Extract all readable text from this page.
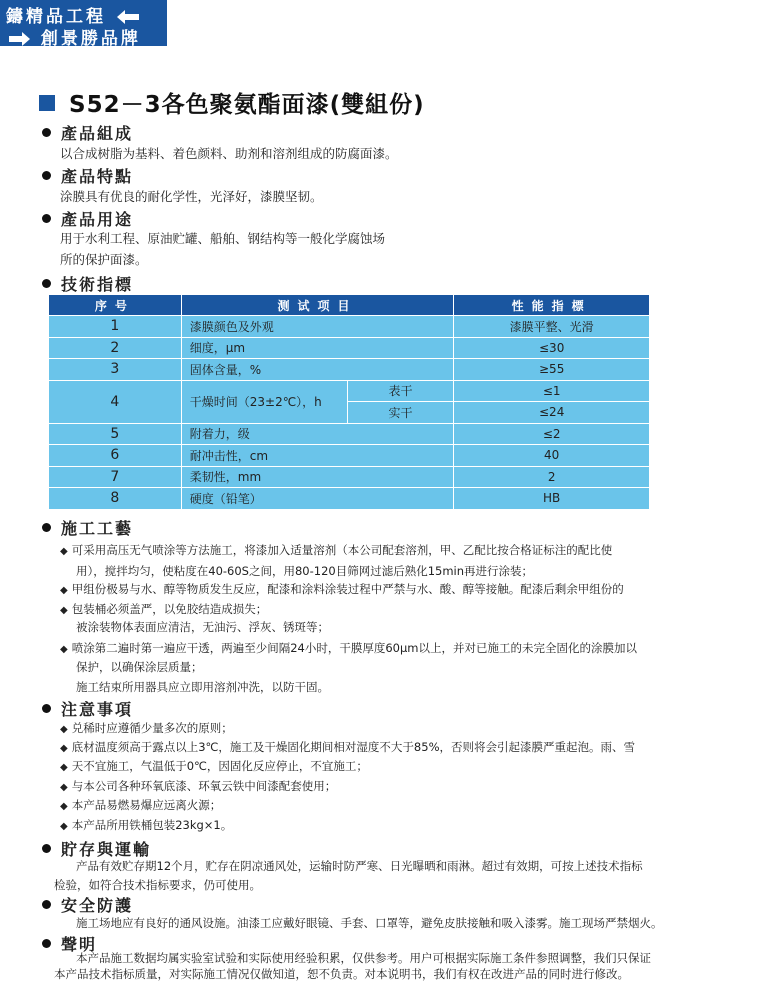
鑄精品工程
創景勝品牌
S52－3各色聚氨酯面漆(雙組份)
產品組成
以合成树脂为基料、着色颜料、助剂和溶剂组成的防腐面漆。
產品特點
涂膜具有优良的耐化学性，光泽好，漆膜坚韧。
產品用途
用于水利工程、原油贮罐、船舶、钢结构等一般化学腐蚀场
所的保护面漆。
技術指標
序号	测试项目		性能指標
1	漆膜颜色及外观		漆膜平整、光滑
2	细度，μm		≤30
3	固体含量，%		≥55
4	干燥时间（23±2℃），h	表干	≤1
		实干	≤24
5	附着力，级		≤2
6	耐冲击性，cm		40
7	柔韧性，mm		2
8	硬度（铅笔）		HB
施工工藝
◆ 可采用高压无气喷涂等方法施工，将漆加入适量溶剂（本公司配套溶剂，甲、乙配比按合格证标注的配比使
用），搅拌均匀，使粘度在40-60S之间，用80-120目筛网过滤后熟化15min再进行涂装；
◆ 甲组份极易与水、醇等物质发生反应，配漆和涂料涂装过程中严禁与水、酸、醇等接触。配漆后剩余甲组份的
◆ 包装桶必须盖严，以免胶结造成损失；
被涂装物体表面应清洁，无油污、浮灰、锈斑等；
◆ 喷涂第二遍时第一遍应干透，两遍至少间隔24小时，干膜厚度60μm以上，并对已施工的未完全固化的涂膜加以
保护，以确保涂层质量；
施工结束所用器具应立即用溶剂冲洗，以防干固。
注意事項
◆ 兑稀时应遵循少量多次的原则；
◆ 底材温度须高于露点以上3℃，施工及干燥固化期间相对湿度不大于85%，否则将会引起漆膜严重起泡。雨、雪
◆ 天不宜施工，气温低于0℃，因固化反应停止，不宜施工；
◆ 与本公司各种环氧底漆、环氧云铁中间漆配套使用；
◆ 本产品易燃易爆应远离火源；
◆ 本产品所用铁桶包装23kg×1。
貯存與運輸
产品有效贮存期12个月，贮存在阴凉通风处，运输时防严寒、日光曝晒和雨淋。超过有效期，可按上述技术指标
检验，如符合技术指标要求，仍可使用。
安全防護
施工场地应有良好的通风设施。油漆工应戴好眼镜、手套、口罩等，避免皮肤接触和吸入漆雾。施工现场严禁烟火。
聲明
本产品施工数据均属实验室试验和实际使用经验积累，仅供参考。用户可根据实际施工条件参照调整，我们只保证
本产品技术指标质量，对实际施工情况仅做知道，恕不负责。对本说明书，我们有权在改进产品的同时进行修改。
